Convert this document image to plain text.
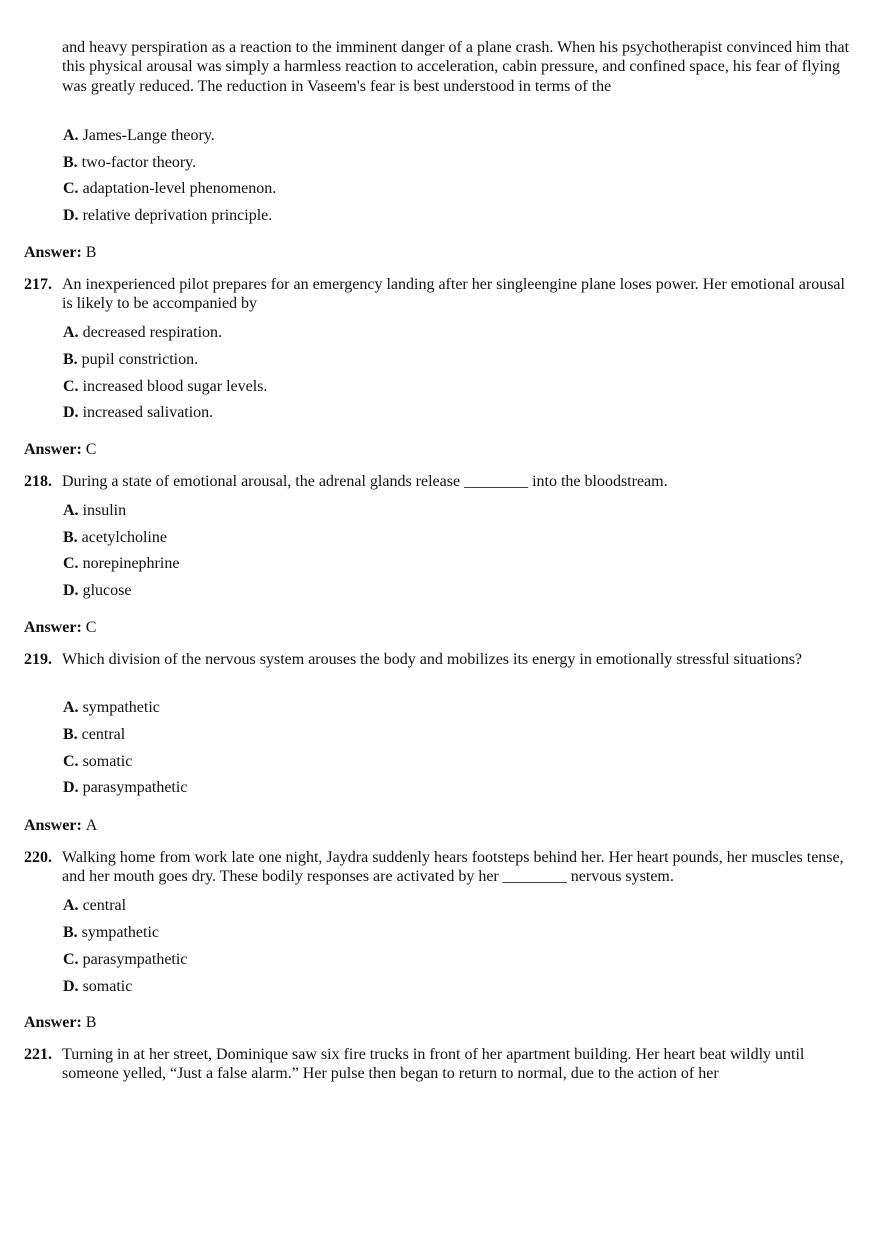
and heavy perspiration as a reaction to the imminent danger of a plane crash. When his psychotherapist convinced him that this physical arousal was simply a harmless reaction to acceleration, cabin pressure, and confined space, his fear of flying was greatly reduced. The reduction in Vaseem's fear is best understood in terms of the

A. James-Lange theory.
B. two-factor theory.
C. adaptation-level phenomenon.
D. relative deprivation principle.
Answer: B
217. An inexperienced pilot prepares for an emergency landing after her singleengine plane loses power. Her emotional arousal is likely to be accompanied by

A. decreased respiration.
B. pupil constriction.
C. increased blood sugar levels.
D. increased salivation.
Answer: C
218. During a state of emotional arousal, the adrenal glands release ________ into the bloodstream.

A. insulin
B. acetylcholine
C. norepinephrine
D. glucose
Answer: C
219. Which division of the nervous system arouses the body and mobilizes its energy in emotionally stressful situations?

A. sympathetic
B. central
C. somatic
D. parasympathetic
Answer: A
220. Walking home from work late one night, Jaydra suddenly hears footsteps behind her. Her heart pounds, her muscles tense, and her mouth goes dry. These bodily responses are activated by her ________ nervous system.

A. central
B. sympathetic
C. parasympathetic
D. somatic
Answer: B
221. Turning in at her street, Dominique saw six fire trucks in front of her apartment building. Her heart beat wildly until someone yelled, “Just a false alarm.” Her pulse then began to return to normal, due to the action of her
